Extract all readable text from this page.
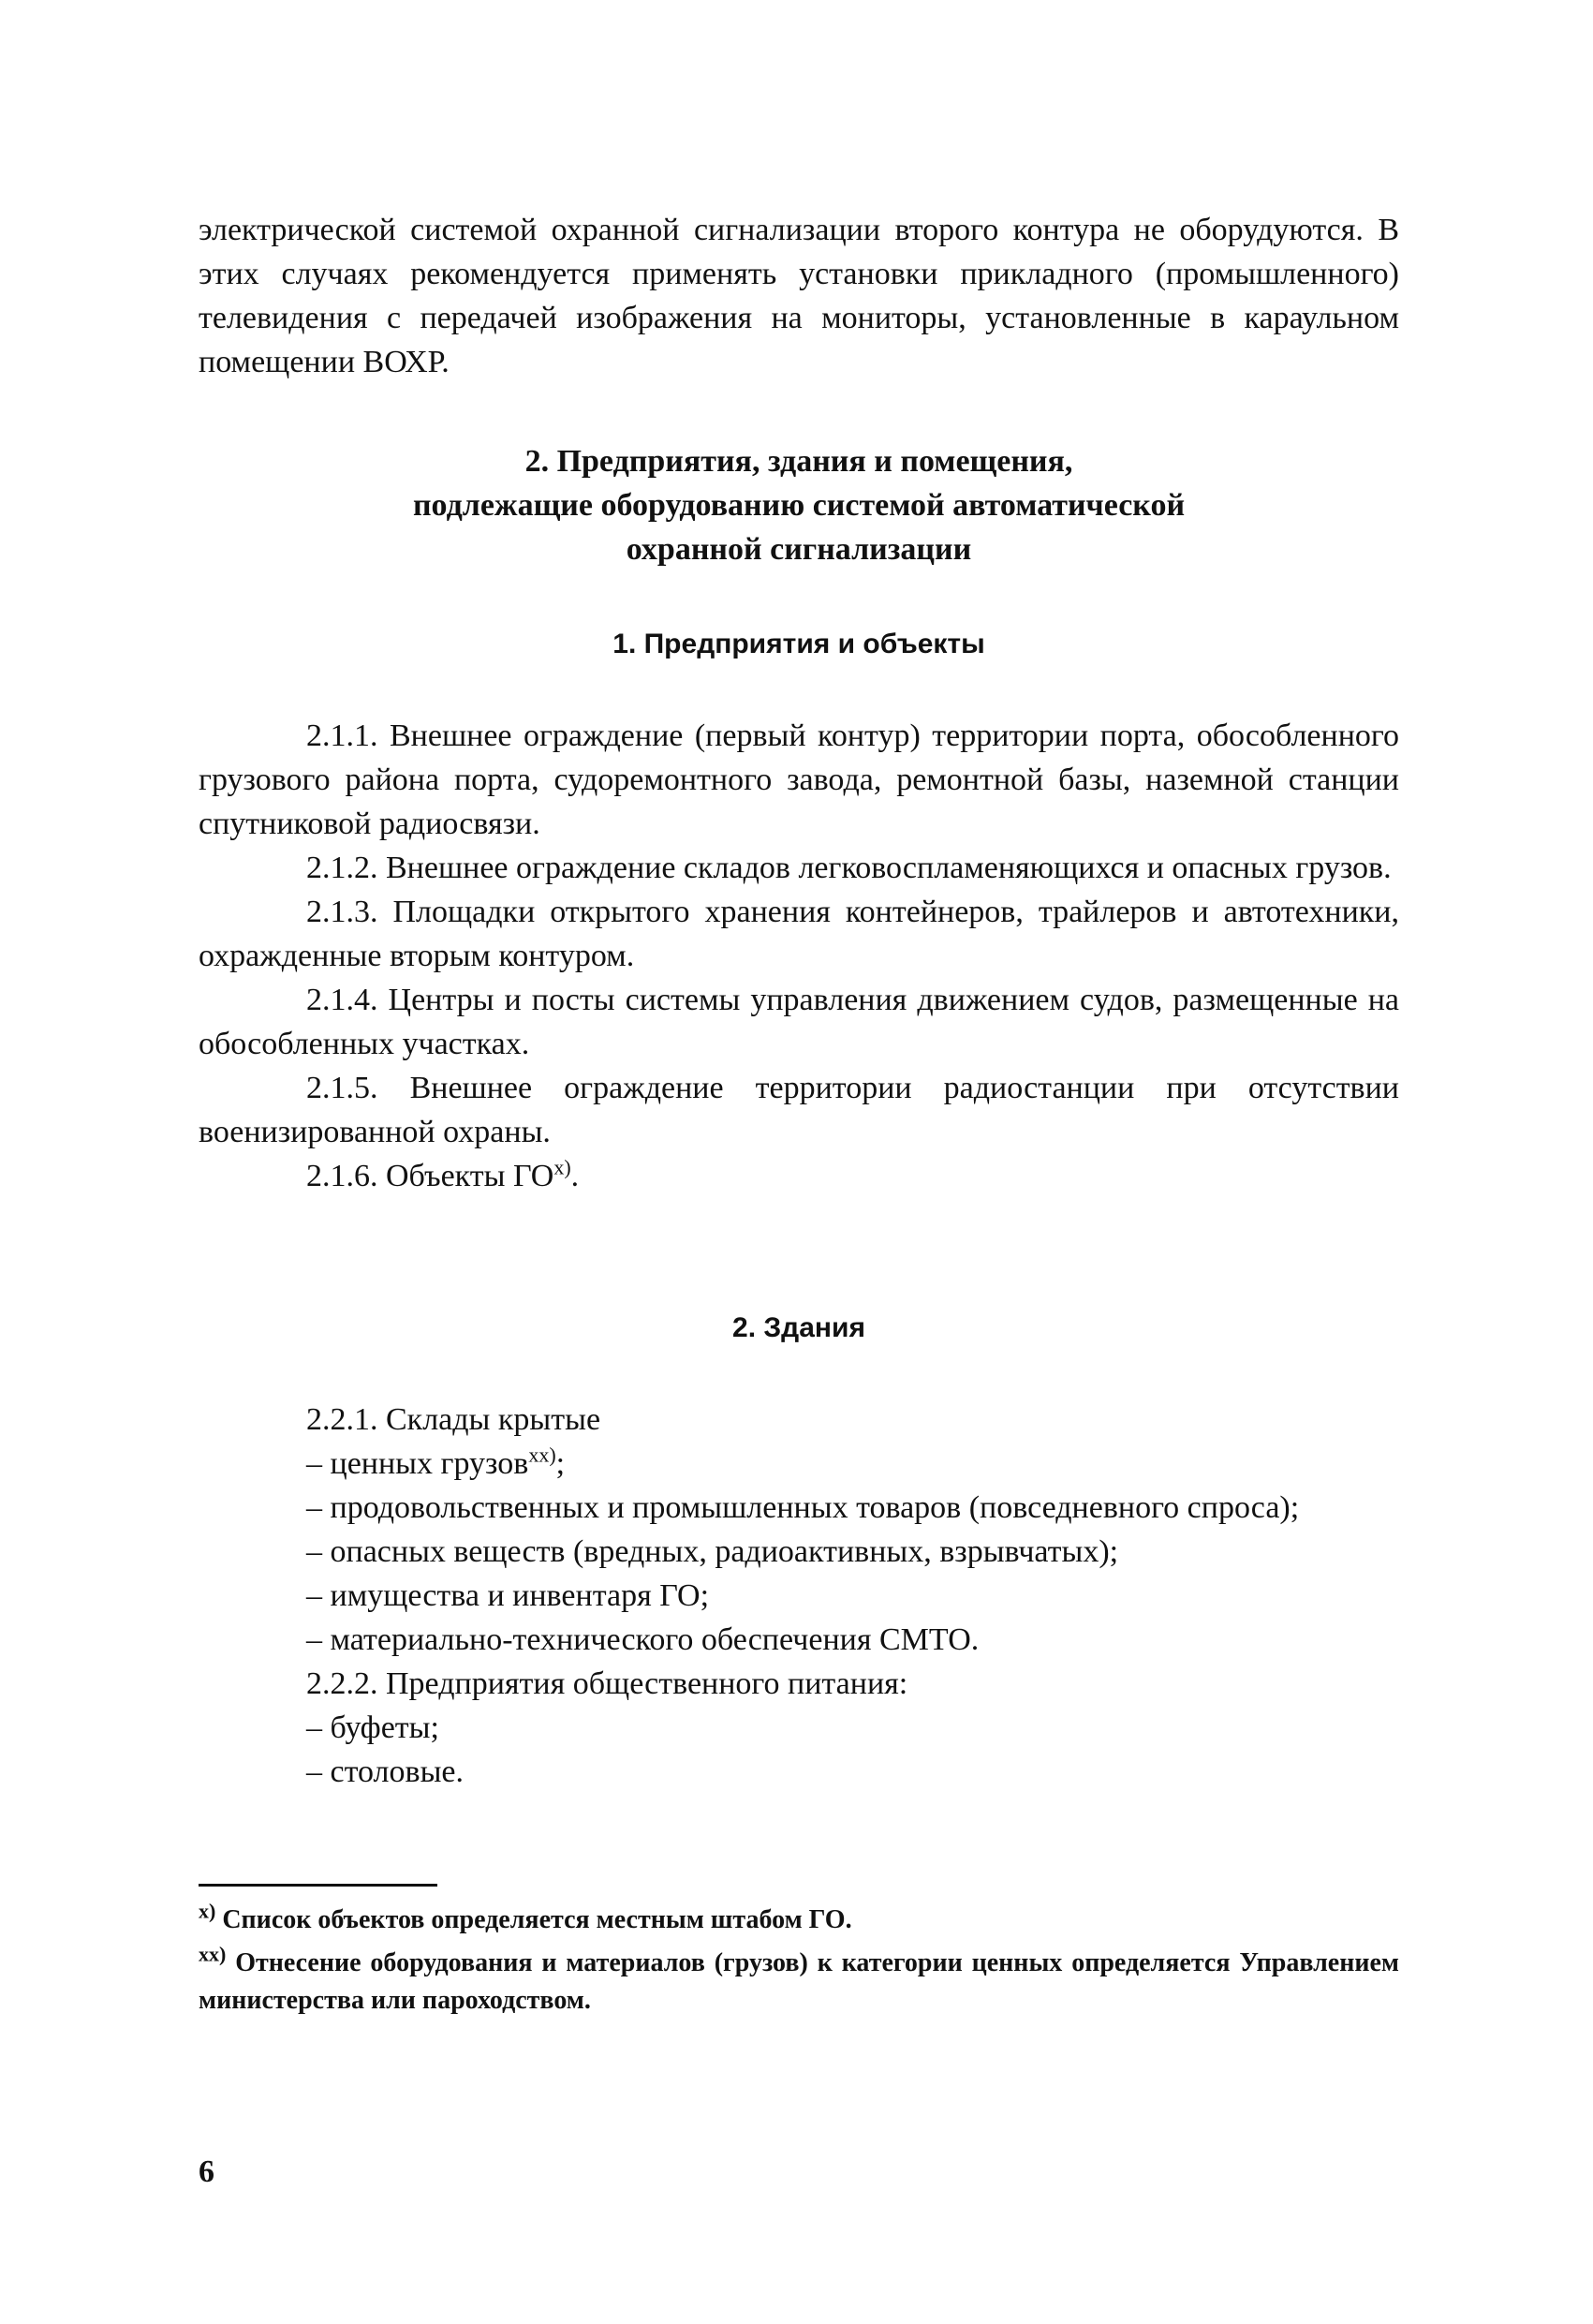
электрической системой охранной сигнализации второго контура не оборудуются. В этих случаях рекомендуется применять установки прикладного (промышленного) телевидения с передачей изображения на мониторы, установленные в караульном помещении ВОХР.

2. Предприятия, здания и помещения,
подлежащие оборудованию системой автоматической
охранной сигнализации
1. Предприятия и объекты

2.1.1. Внешнее ограждение (первый контур) территории порта, обособленного грузового района порта, судоремонтного завода, ремонтной базы, наземной станции спутниковой радиосвязи.

2.1.2. Внешнее ограждение складов легковоспламеняющихся и опасных грузов.

2.1.3. Площадки открытого хранения контейнеров, трайлеров и автотехники, охражденные вторым контуром.

2.1.4. Центры и посты системы управления движением судов, размещенные на обособленных участках.

2.1.5. Внешнее ограждение территории радиостанции при отсутствии военизированной охраны.

2.1.6. Объекты $ГО^{х)}$.

2. Здания

2.2.1. Склады крытые

– ценных грузов$^{хх)}$;

– продовольственных и промышленных товаров (повседневного спроса);

– опасных веществ (вредных, радиоактивных, взрывчатых);

– имущества и инвентаря ГО;

– материально-технического обеспечения СМТО.

2.2.2. Предприятия общественного питания:

– буфеты;

– столовые.

$^{х)}$ Список объектов определяется местным штабом ГО.

$^{хх)}$ Отнесение оборудования и материалов (грузов) к категории ценных определяется Управлением министерства или пароходством.

6
